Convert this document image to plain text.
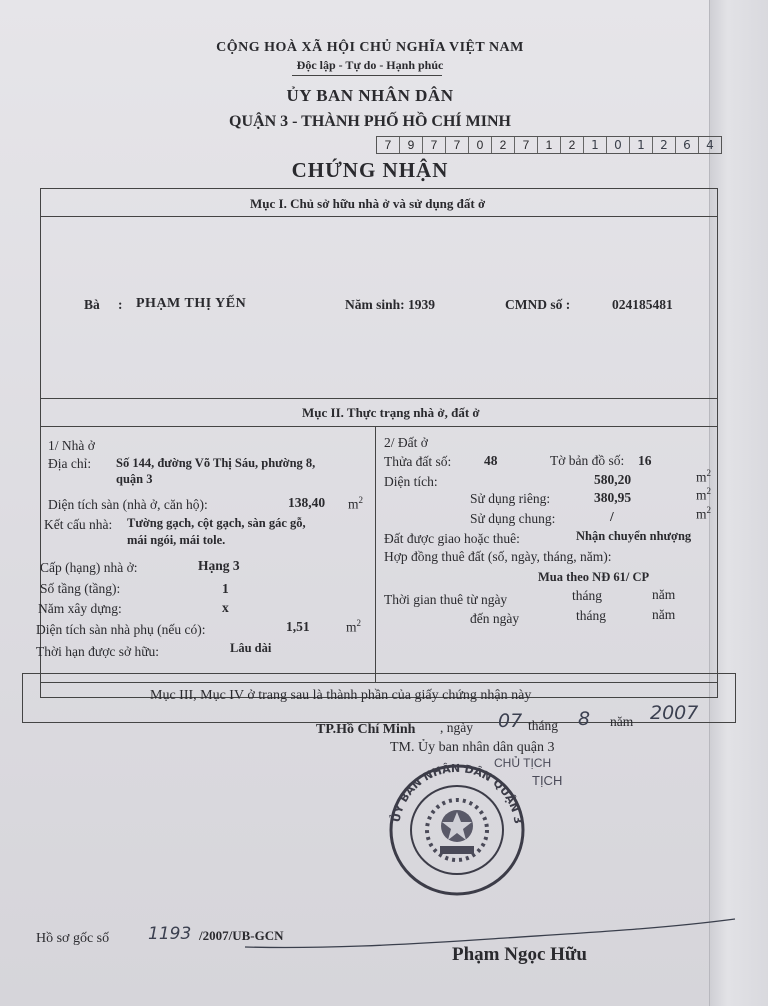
CỘNG HOÀ XÃ HỘI CHỦ NGHĨA VIỆT NAM
Độc lập - Tự do - Hạnh phúc
ỦY BAN NHÂN DÂN
QUẬN 3 - THÀNH PHỐ HỒ CHÍ MINH
7	9	7	7	0	2	7	1	2	1	0	1	2	6	4
CHỨNG NHẬN
Mục I. Chủ sở hữu nhà ở và sử dụng đất ở
Bà : PHẠM THỊ YẾN	Năm sinh: 1939	CMND số :	024185481
Mục II. Thực trạng nhà ở, đất ở
1/ Nhà ở
Địa chỉ: Số 144, đường Võ Thị Sáu, phường 8,
quận 3
Diện tích sàn (nhà ở, căn hộ):	138,40 $m^2$
Kết cấu nhà: Tường gạch, cột gạch, sàn gác gỗ,
mái ngói, mái tole.
Cấp (hạng) nhà ở:	Hạng 3
Số tầng (tầng):	1
Năm xây dựng:	x
Diện tích sàn nhà phụ (nếu có):	1,51	$m^2$
Thời hạn được sở hữu:	Lâu dài
2/ Đất ở
Thửa đất số: 48	Tờ bản đồ số: 16
Diện tích:	580,20	$m^2$
Sử dụng riêng:	380,95	$m^2$
Sử dụng chung:	/	$m^2$
Đất được giao hoặc thuê:	Nhận chuyển nhượng
Hợp đồng thuê đất (số, ngày, tháng, năm):
Mua theo NĐ 61/ CP
Thời gian thuê từ ngày	tháng	năm
đến ngày	tháng	năm
Mục III, Mục IV ở trang sau là thành phần của giấy chứng nhận này
TP.Hồ Chí Minh , ngày 07 tháng 8 năm 2007
TM. Ủy ban nhân dân quận 3
CHỦ TỊCH
TỊCH
ỦY BAN NHÂN DÂN QUẬN 3
Hồ sơ gốc số 1193 /2007/UB-GCN
Phạm Ngọc Hữu
